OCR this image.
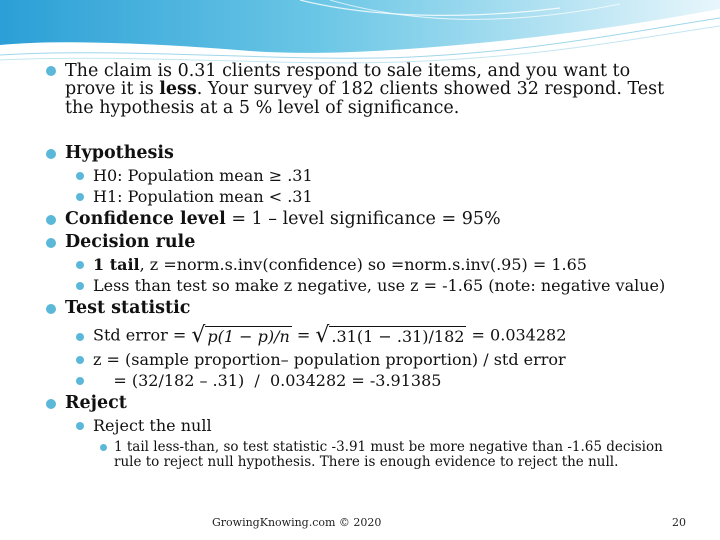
The claim is 0.31 clients respond to sale items, and you want to prove it is less. Your survey of 182 clients showed 32 respond. Test the hypothesis at a 5 % level of significance.
Hypothesis
H0: Population mean ≥ .31
H1: Population mean < .31
Confidence level = 1 – level significance = 95%
Decision rule
1 tail, z =norm.s.inv(confidence) so =norm.s.inv(.95) = 1.65
Less than test so make z negative, use z = -1.65 (note: negative value)
Test statistic
Std error = √ p(1 − p)/n = √ .31(1 − .31)/182 = 0.034282
z = (sample proportion– population proportion) / std error
= (32/182 – .31)  /  0.034282 = -3.91385
Reject
Reject the null
1 tail less-than, so test statistic -3.91 must be more negative than -1.65 decision rule to reject null hypothesis. There is enough evidence to reject the null.
GrowingKnowing.com © 2020	20
